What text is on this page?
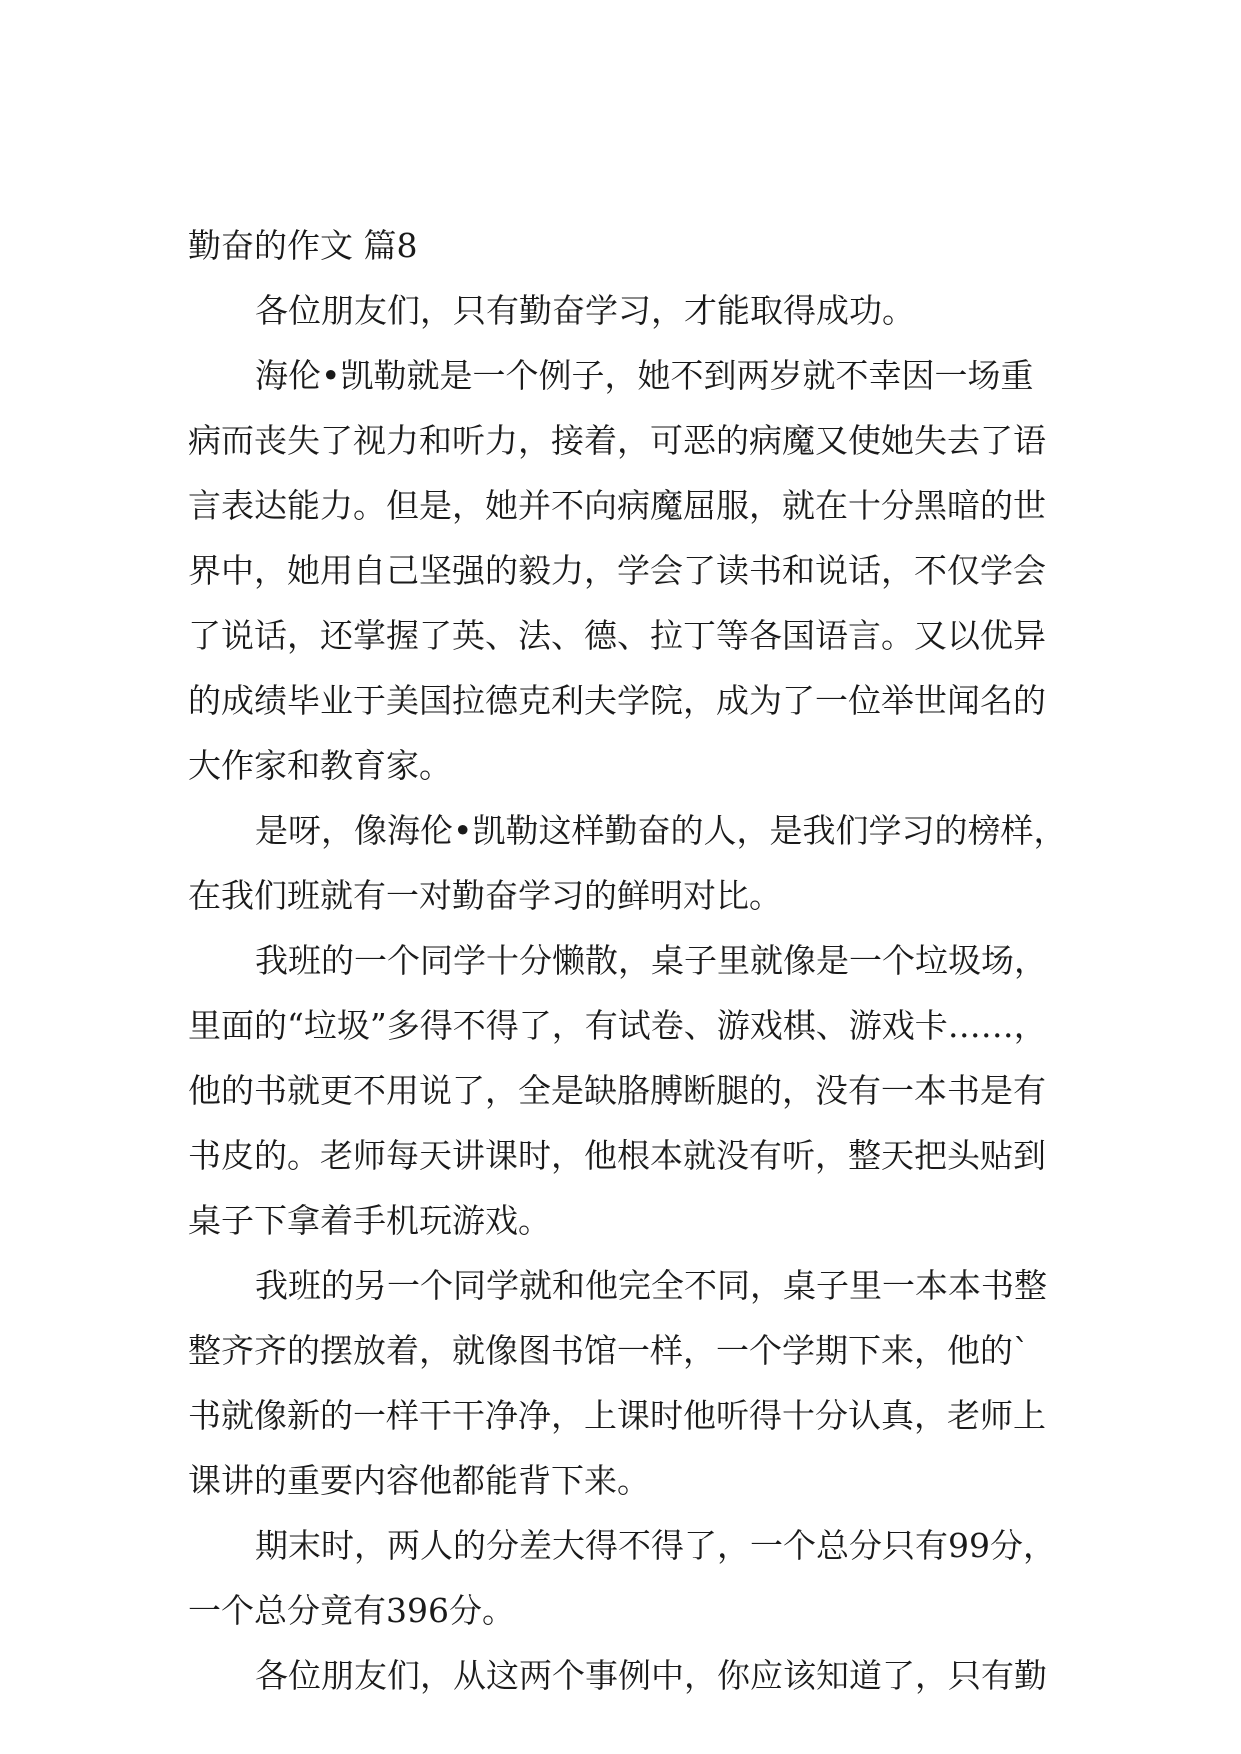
勤奋的作文 篇8
各位朋友们，只有勤奋学习，才能取得成功。
海伦•凯勒就是一个例子，她不到两岁就不幸因一场重
病而丧失了视力和听力，接着，可恶的病魔又使她失去了语
言表达能力。但是，她并不向病魔屈服，就在十分黑暗的世
界中，她用自己坚强的毅力，学会了读书和说话，不仅学会
了说话，还掌握了英、法、德、拉丁等各国语言。又以优异
的成绩毕业于美国拉德克利夫学院，成为了一位举世闻名的
大作家和教育家。
是呀，像海伦•凯勒这样勤奋的人，是我们学习的榜样，
在我们班就有一对勤奋学习的鲜明对比。
我班的一个同学十分懒散，桌子里就像是一个垃圾场，
里面的“垃圾”多得不得了，有试卷、游戏棋、游戏卡……，
他的书就更不用说了，全是缺胳膊断腿的，没有一本书是有
书皮的。老师每天讲课时，他根本就没有听，整天把头贴到
桌子下拿着手机玩游戏。
我班的另一个同学就和他完全不同，桌子里一本本书整
整齐齐的摆放着，就像图书馆一样，一个学期下来，他的`
书就像新的一样干干净净，上课时他听得十分认真，老师上
课讲的重要内容他都能背下来。
期末时，两人的分差大得不得了，一个总分只有99分，
一个总分竟有396分。
各位朋友们，从这两个事例中，你应该知道了，只有勤
